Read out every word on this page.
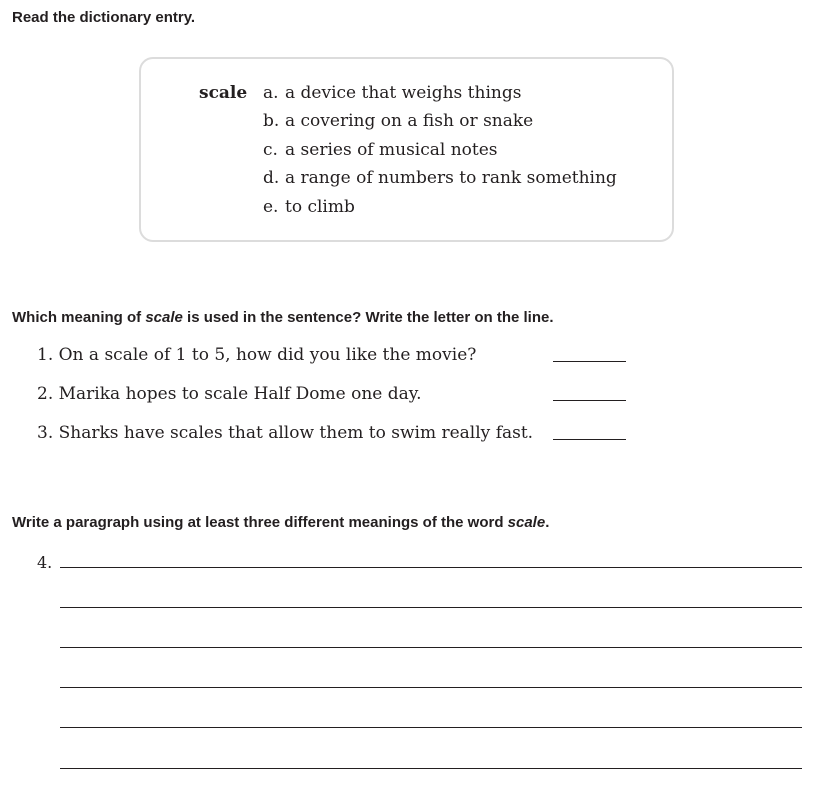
Read the dictionary entry.
scale a. a device that weighs things
b. a covering on a fish or snake
c. a series of musical notes
d. a range of numbers to rank something
e. to climb
Which meaning of scale is used in the sentence? Write the letter on the line.
1. On a scale of 1 to 5, how did you like the movie?
2. Marika hopes to scale Half Dome one day.
3. Sharks have scales that allow them to swim really fast.
Write a paragraph using at least three different meanings of the word scale.
4.
